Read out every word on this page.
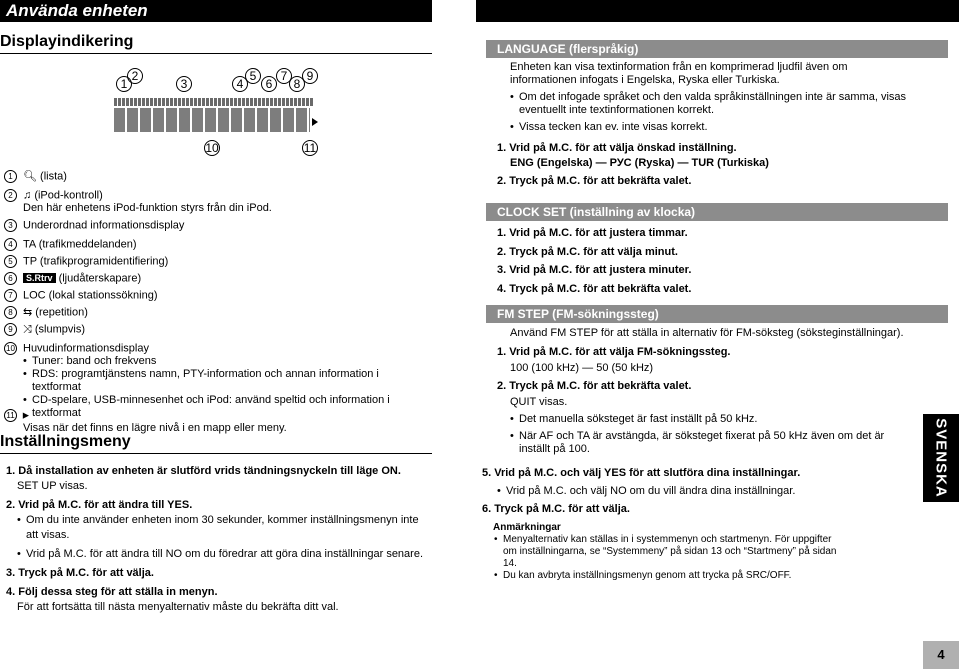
Använda enheten
Displayindikering
1
2
3	4
5
6
7
8
9
10	11
1 🔍︎ (lista)
2 ♫ (iPod-kontroll)
Den här enhetens iPod-funktion styrs från din iPod.
3 Underordnad informationsdisplay
4 TA (trafikmeddelanden)
5 TP (trafikprogramidentifiering)
6 S.Rtrv (ljudåterskapare)
7 LOC (lokal stationssökning)
8 ⇆ (repetition)
9 ⤨ (slumpvis)
10 Huvudinformationsdisplay
• Tuner: band och frekvens
• RDS: programtjänstens namn, PTY-information och annan information i textformat
• CD-spelare, USB-minnesenhet och iPod: använd speltid och information i textformat
11 ▸
Visas när det finns en lägre nivå i en mapp eller meny.
Inställningsmeny
1. Då installation av enheten är slutförd vrids tändningsnyckeln till läge ON.
SET UP visas.
2. Vrid på M.C. för att ändra till YES.
• Om du inte använder enheten inom 30 sekunder, kommer inställningsmenyn inte att visas.
• Vrid på M.C. för att ändra till NO om du föredrar att göra dina inställningar senare.
3. Tryck på M.C. för att välja.
4. Följ dessa steg för att ställa in menyn.
För att fortsätta till nästa menyalternativ måste du bekräfta ditt val.
LANGUAGE (flerspråkig)
Enheten kan visa textinformation från en komprimerad ljudfil även om informationen infogats i Engelska, Ryska eller Turkiska.
• Om det infogade språket och den valda språkinställningen inte är samma, visas eventuellt inte textinformationen korrekt.
• Vissa tecken kan ev. inte visas korrekt.
1. Vrid på M.C. för att välja önskad inställning.
ENG (Engelska) — РУС (Ryska) — TUR (Turkiska)
2. Tryck på M.C. för att bekräfta valet.
CLOCK SET (inställning av klocka)
1. Vrid på M.C. för att justera timmar.
2. Tryck på M.C. för att välja minut.
3. Vrid på M.C. för att justera minuter.
4. Tryck på M.C. för att bekräfta valet.
FM STEP (FM-sökningssteg)
Använd FM STEP för att ställa in alternativ för FM-söksteg (söksteginställningar).
1. Vrid på M.C. för att välja FM-sökningssteg.
100 (100 kHz) — 50 (50 kHz)
2. Tryck på M.C. för att bekräfta valet.
QUIT visas.
• Det manuella söksteget är fast inställt på 50 kHz.
• När AF och TA är avstängda, är söksteget fixerat på 50 kHz även om det är inställt på 100.
5. Vrid på M.C. och välj YES för att slutföra dina inställningar.
• Vrid på M.C. och välj NO om du vill ändra dina inställningar.
6. Tryck på M.C. för att välja.
Anmärkningar
• Menyalternativ kan ställas in i systemmenyn och startmenyn. För uppgifter om inställningarna, se “Systemmeny” på sidan 13 och “Startmeny” på sidan 14.
• Du kan avbryta inställningsmenyn genom att trycka på SRC/OFF.
SVENSKA
4
